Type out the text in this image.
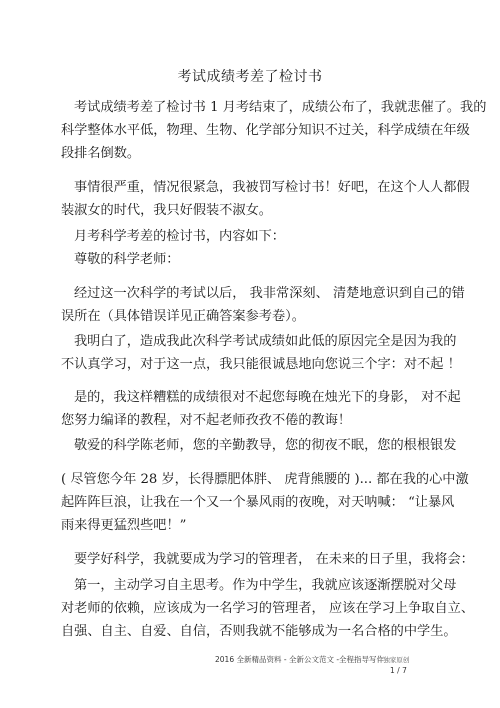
考试成绩考差了检讨书
考试成绩考差了检讨书 1 月考结束了，成绩公布了，我就悲催了。我的
科学整体水平低，物理、生物、化学部分知识不过关，科学成绩在年级
段排名倒数。
事情很严重，情况很紧急，我被罚写检讨书！好吧，在这个人人都假
装淑女的时代，我只好假装不淑女。
月考科学考差的检讨书，内容如下：
尊敬的科学老师：
经过这一次科学的考试以后， 我非常深刻、 清楚地意识到自己的错
误所在（具体错误详见正确答案参考卷）。
我明白了，造成我此次科学考试成绩如此低的原因完全是因为我的
不认真学习，对于这一点，我只能很诚恳地向您说三个字：对不起 ！
是的，我这样糟糕的成绩很对不起您每晚在烛光下的身影， 对不起
您努力编译的教程，对不起老师孜孜不倦的教诲！
敬爱的科学陈老师，您的辛勤教导，您的彻夜不眠，您的根根银发
( 尽管您今年 28 岁，长得膘肥体胖、 虎背熊腰的 )... 都在我的心中激
起阵阵巨浪，让我在一个又一个暴风雨的夜晚，对天呐喊： “让暴风
雨来得更猛烈些吧！”
要学好科学，我就要成为学习的管理者， 在未来的日子里，我将会：
第一，主动学习自主思考。作为中学生，我就应该逐渐摆脱对父母
对老师的依赖，应该成为一名学习的管理者， 应该在学习上争取自立、
自强、自主、自爱、自信，否则我就不能够成为一名合格的中学生。
2016 全新精品资料 - 全新公文范文 -全程指导写作
– 独家原创
1 / 7
